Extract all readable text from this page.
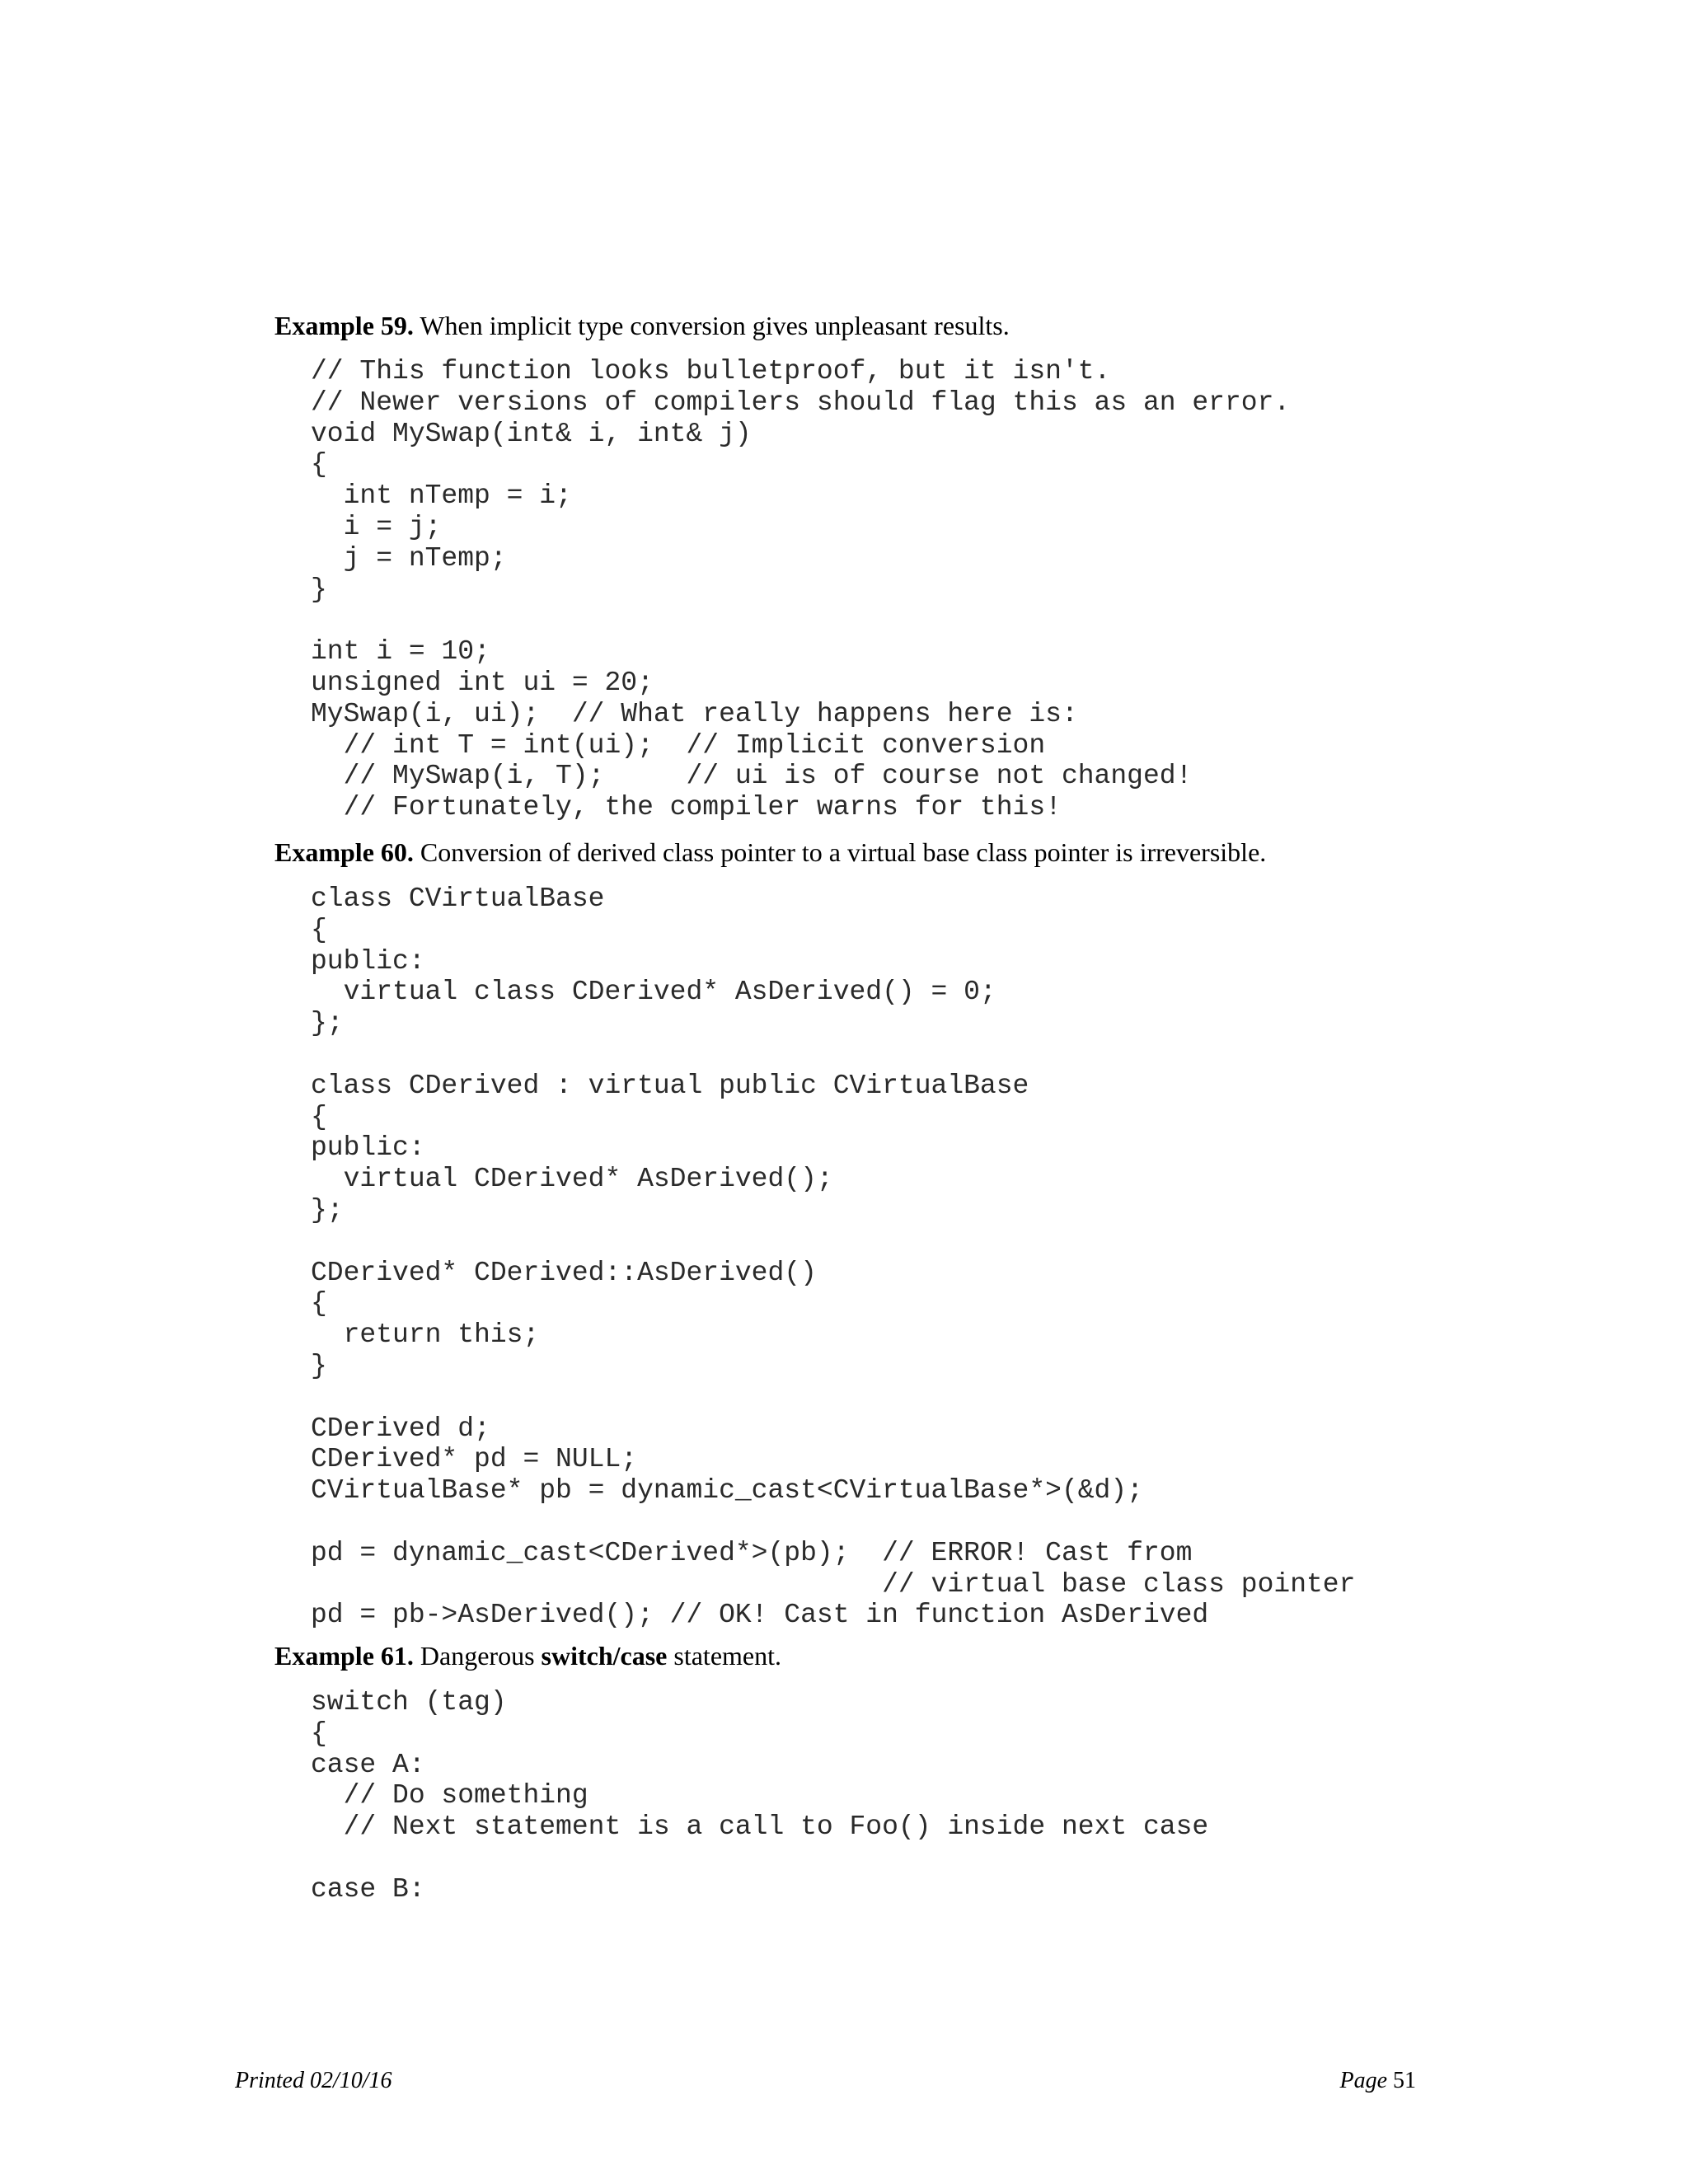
Example 59. When implicit type conversion gives unpleasant results.

// This function looks bulletproof, but it isn't.
// Newer versions of compilers should flag this as an error.
void MySwap(int& i, int& j)
{
int nTemp = i;
i = j;
j = nTemp;
}
int i = 10;
unsigned int ui = 20;
MySwap(i, ui);  // What really happens here is:
// int T = int(ui);  // Implicit conversion
// MySwap(i, T);     // ui is of course not changed!
// Fortunately, the compiler warns for this!

Example 60. Conversion of derived class pointer to a virtual base class pointer is irreversible.

class CVirtualBase
{
public:
virtual class CDerived* AsDerived() = 0;
};
class CDerived : virtual public CVirtualBase
{
public:
virtual CDerived* AsDerived();
};
CDerived* CDerived::AsDerived()
{
return this;
}
CDerived d;
CDerived* pd = NULL;
CVirtualBase* pb = dynamic_cast<CVirtualBase*>(&d);
pd = dynamic_cast<CDerived*>(pb);  // ERROR! Cast from
// virtual base class pointer
pd = pb->AsDerived(); // OK! Cast in function AsDerived

Example 61. Dangerous switch/case statement.

switch (tag)
{
case A:
// Do something
// Next statement is a call to Foo() inside next case
case B:
Printed 02/10/16	Page 51
